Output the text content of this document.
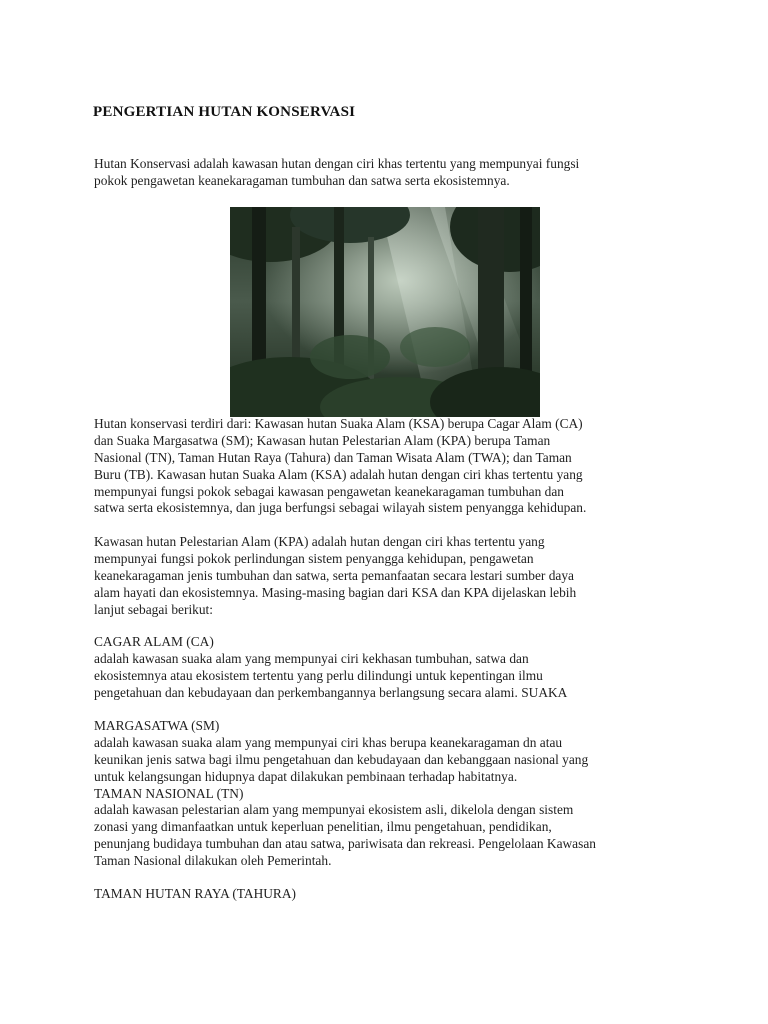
PENGERTIAN HUTAN KONSERVASI
Hutan Konservasi adalah kawasan hutan dengan ciri khas tertentu yang mempunyai fungsi
pokok pengawetan keanekaragaman tumbuhan dan satwa serta ekosistemnya.
Hutan konservasi terdiri dari: Kawasan hutan Suaka Alam (KSA) berupa Cagar Alam (CA)
dan Suaka Margasatwa (SM); Kawasan hutan Pelestarian Alam (KPA) berupa Taman
Nasional (TN), Taman Hutan Raya (Tahura) dan Taman Wisata Alam (TWA); dan Taman
Buru (TB). Kawasan hutan Suaka Alam (KSA) adalah hutan dengan ciri khas tertentu yang
mempunyai fungsi pokok sebagai kawasan pengawetan keanekaragaman tumbuhan dan
satwa serta ekosistemnya, dan juga berfungsi sebagai wilayah sistem penyangga kehidupan.
Kawasan hutan Pelestarian Alam (KPA) adalah hutan dengan ciri khas tertentu yang
mempunyai fungsi pokok perlindungan sistem penyangga kehidupan, pengawetan
keanekaragaman jenis tumbuhan dan satwa, serta pemanfaatan secara lestari sumber daya
alam hayati dan ekosistemnya. Masing-masing bagian dari KSA dan KPA dijelaskan lebih
lanjut sebagai berikut:
CAGAR ALAM (CA)
adalah kawasan suaka alam yang mempunyai ciri kekhasan tumbuhan, satwa dan
ekosistemnya atau ekosistem tertentu yang perlu dilindungi untuk kepentingan ilmu
pengetahuan dan kebudayaan dan perkembangannya berlangsung secara alami. SUAKA
MARGASATWA (SM)
adalah kawasan suaka alam yang mempunyai ciri khas berupa keanekaragaman dn atau
keunikan jenis satwa bagi ilmu pengetahuan dan kebudayaan dan kebanggaan nasional yang
untuk kelangsungan hidupnya dapat dilakukan pembinaan terhadap habitatnya.
TAMAN NASIONAL (TN)
adalah kawasan pelestarian alam yang mempunyai ekosistem asli, dikelola dengan sistem
zonasi yang dimanfaatkan untuk keperluan penelitian, ilmu pengetahuan, pendidikan,
penunjang budidaya tumbuhan dan atau satwa, pariwisata dan rekreasi. Pengelolaan Kawasan
Taman Nasional dilakukan oleh Pemerintah.
TAMAN HUTAN RAYA (TAHURA)
